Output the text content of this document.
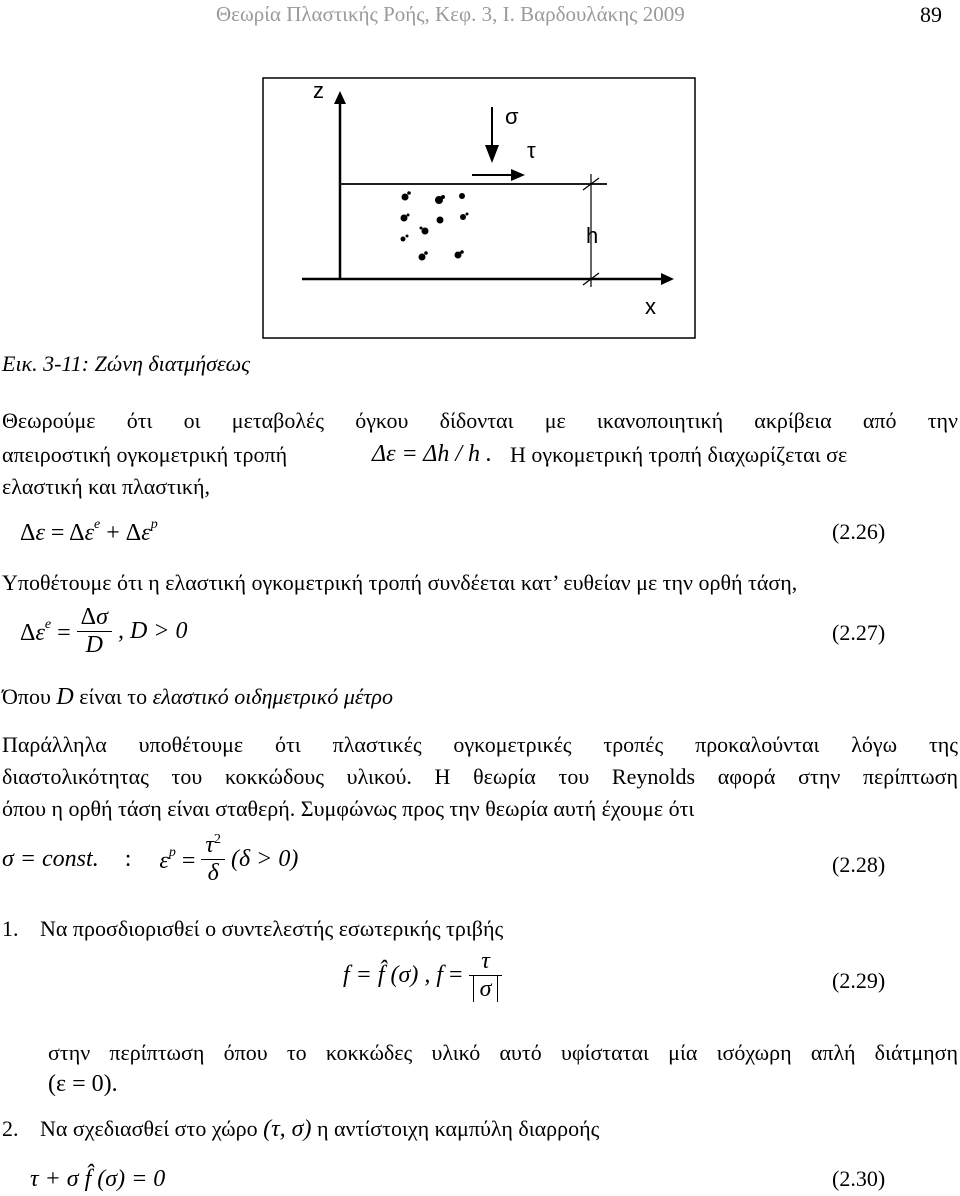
Θεωρία Πλαστικής Ροής, Κεφ. 3, Ι. Βαρδουλάκης 2009	89
z
x
σ
τ
h
Εικ. 3-11: Ζώνη διατμήσεως
Θεωρούμε ότι οι μεταβολές όγκου δίδονται με ικανοποιητική ακρίβεια από την
απειροστική ογκομετρική τροπή	Δε = Δh / h . Η ογκομετρική τροπή διαχωρίζεται σε
ελαστική και πλαστική,
$\Delta\varepsilon = \Delta\varepsilon^e + \Delta\varepsilon^p$	(2.26)
Υποθέτουμε ότι η ελαστική ογκομετρική τροπή συνδέεται κατ’ ευθείαν με την ορθή τάση,
$\Delta\varepsilon^e = \frac{\Delta\sigma}{D}$ , D > 0	(2.27)
Όπου D είναι το ελαστικό οιδημετρικό μέτρο
Παράλληλα υποθέτουμε ότι πλαστικές ογκομετρικές τροπές προκαλούνται λόγω της
διαστολικότητας του κοκκώδους υλικού. Η θεωρία του Reynolds αφορά στην περίπτωση
όπου η ορθή τάση είναι σταθερή. Συμφώνως προς την θεωρία αυτή έχουμε ότι
σ = const. : $\varepsilon^p = \frac{\tau^2}{\delta} (\delta > 0)$	(2.28)
1. Να προσδιορισθεί ο συντελεστής εσωτερικής τριβής
f = f̂ (σ) , $f = \frac{\tau}{\sigma}$	(2.29)
στην περίπτωση όπου το κοκκώδες υλικό αυτό υφίσταται μία ισόχωρη απλή διάτμηση
(ε = 0).
2. Να σχεδιασθεί στο χώρο (τ, σ) η αντίστοιχη καμπύλη διαρροής
τ + σ f̂ (σ) = 0	(2.30)
